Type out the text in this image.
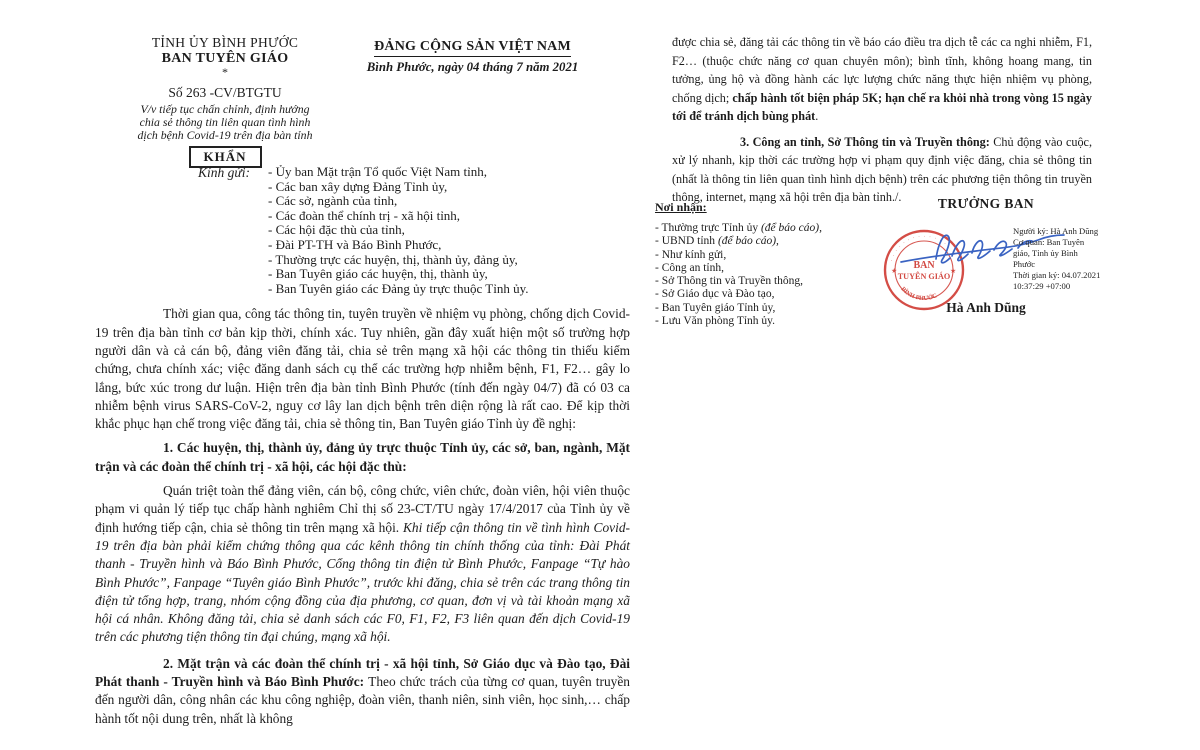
TỈNH ỦY BÌNH PHƯỚC
BAN TUYÊN GIÁO
*
Số 263 -CV/BTGTU
V/v tiếp tục chấn chỉnh, định hướng
chia sẻ thông tin liên quan tình hình
dịch bệnh Covid-19 trên địa bàn tỉnh
KHẨN
ĐẢNG CỘNG SẢN VIỆT NAM
Bình Phước, ngày 04 tháng 7 năm 2021
Kính gửi: - Ủy ban Mặt trận Tổ quốc Việt Nam tỉnh,
- Các ban xây dựng Đảng Tỉnh ủy,
- Các sở, ngành của tỉnh,
- Các đoàn thể chính trị - xã hội tỉnh,
- Các hội đặc thù của tỉnh,
- Đài PT-TH và Báo Bình Phước,
- Thường trực các huyện, thị, thành ủy, đảng ủy,
- Ban Tuyên giáo các huyện, thị, thành ủy,
- Ban Tuyên giáo các Đảng ủy trực thuộc Tỉnh ủy.

Thời gian qua, công tác thông tin, tuyên truyền về nhiệm vụ phòng, chống dịch Covid-19 trên địa bàn tỉnh cơ bản kịp thời, chính xác. Tuy nhiên, gần đây xuất hiện một số trường hợp người dân và cả cán bộ, đảng viên đăng tải, chia sẻ trên mạng xã hội các thông tin thiếu kiểm chứng, chưa chính xác; việc đăng danh sách cụ thể các trường hợp nhiễm bệnh, F1, F2… gây lo lắng, bức xúc trong dư luận. Hiện trên địa bàn tỉnh Bình Phước (tính đến ngày 04/7) đã có 03 ca nhiễm bệnh virus SARS-CoV-2, nguy cơ lây lan dịch bệnh trên diện rộng là rất cao. Để kịp thời khắc phục hạn chế trong việc đăng tải, chia sẻ thông tin, Ban Tuyên giáo Tỉnh ủy đề nghị:

1. Các huyện, thị, thành ủy, đảng ủy trực thuộc Tỉnh ủy, các sở, ban, ngành, Mặt trận và các đoàn thể chính trị - xã hội, các hội đặc thù:

Quán triệt toàn thể đảng viên, cán bộ, công chức, viên chức, đoàn viên, hội viên thuộc phạm vi quản lý tiếp tục chấp hành nghiêm Chỉ thị số 23-CT/TU ngày 17/4/2017 của Tỉnh ủy về định hướng tiếp cận, chia sẻ thông tin trên mạng xã hội. Khi tiếp cận thông tin về tình hình Covid-19 trên địa bàn phải kiểm chứng thông qua các kênh thông tin chính thống của tỉnh: Đài Phát thanh - Truyền hình và Báo Bình Phước, Cổng thông tin điện tử Bình Phước, Fanpage “Tự hào Bình Phước”, Fanpage “Tuyên giáo Bình Phước”, trước khi đăng, chia sẻ trên các trang thông tin điện tử tổng hợp, trang, nhóm cộng đồng của địa phương, cơ quan, đơn vị và tài khoản mạng xã hội cá nhân. Không đăng tải, chia sẻ danh sách các F0, F1, F2, F3 liên quan đến dịch Covid-19 trên các phương tiện thông tin đại chúng, mạng xã hội.

2. Mặt trận và các đoàn thể chính trị - xã hội tỉnh, Sở Giáo dục và Đào tạo, Đài Phát thanh - Truyền hình và Báo Bình Phước: Theo chức trách của từng cơ quan, tuyên truyền đến người dân, công nhân các khu công nghiệp, đoàn viên, thanh niên, sinh viên, học sinh,… chấp hành tốt nội dung trên, nhất là không

được chia sẻ, đăng tải các thông tin về báo cáo điều tra dịch tễ các ca nghi nhiễm, F1, F2… (thuộc chức năng cơ quan chuyên môn); bình tĩnh, không hoang mang, tin tưởng, ủng hộ và đồng hành các lực lượng chức năng thực hiện nhiệm vụ phòng, chống dịch; chấp hành tốt biện pháp 5K; hạn chế ra khỏi nhà trong vòng 15 ngày tới để tránh dịch bùng phát.

3. Công an tỉnh, Sở Thông tin và Truyền thông: Chủ động vào cuộc, xử lý nhanh, kịp thời các trường hợp vi phạm quy định việc đăng, chia sẻ thông tin (nhất là thông tin liên quan tình hình dịch bệnh) trên các phương tiện thông tin truyền thông, internet, mạng xã hội trên địa bàn tỉnh./.

Nơi nhận:
- Thường trực Tỉnh ủy (để báo cáo),
- UBND tỉnh (để báo cáo),
- Như kính gửi,
- Công an tỉnh,
- Sở Thông tin và Truyền thông,
- Sở Giáo dục và Đào tạo,
- Ban Tuyên giáo Tỉnh ủy,
- Lưu Văn phòng Tỉnh ủy.
TRƯỞNG BAN
· · · · · · · · · · · · ·
BÌNH PHƯỚC
BAN
TUYÊN GIÁO
★	★
Người ký: Hà Anh Dũng
Cơ quan: Ban Tuyên
giáo, Tỉnh ủy Bình
Phước
Thời gian ký: 04.07.2021
10:37:29 +07:00
Hà Anh Dũng
